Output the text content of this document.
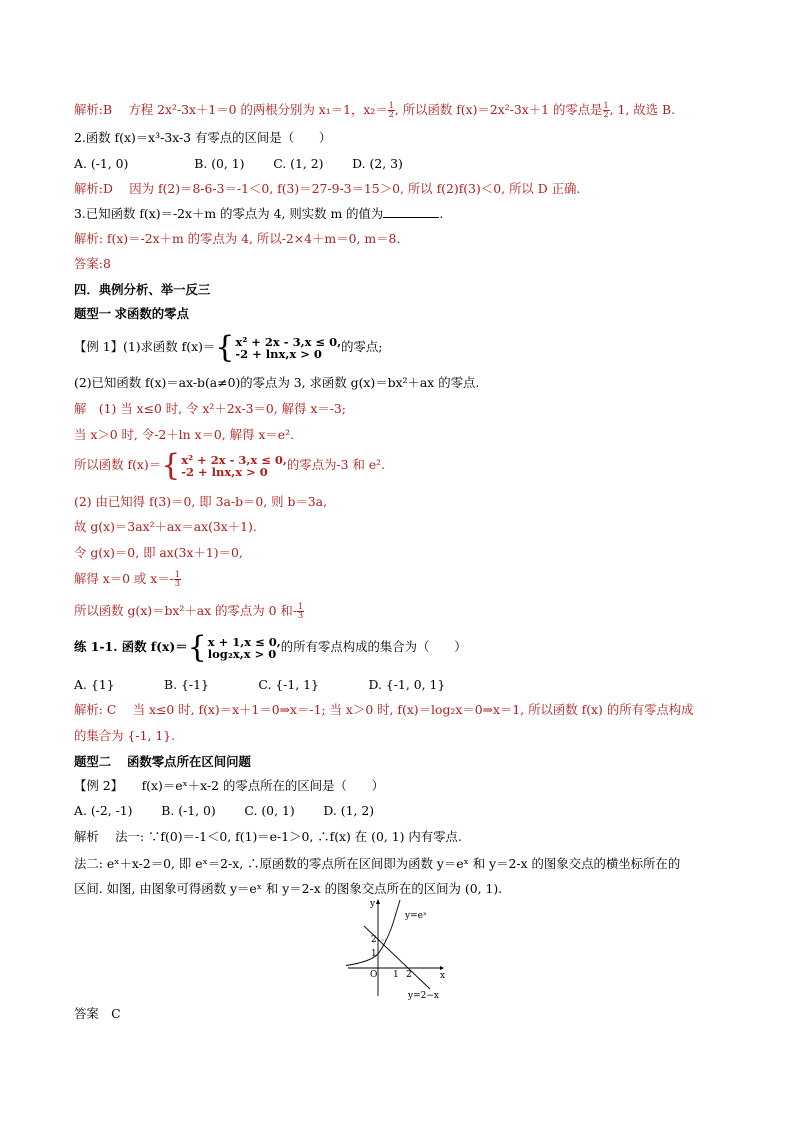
解析:B　 方程 2x²-3x＋1＝0 的两根分别为 x₁＝1，$x_2= \frac{1}{2}$ , 所以函数 f(x)＝2x²-3x＋1 的零点是 $\frac{1}{2}$ , 1, 故选 B.
2.函数 f(x)＝x³-3x-3 有零点的区间是（　　）
A. (-1, 0)　　　　　 B. (0, 1)　　 C. (1, 2)　　 D. (2, 3)
解析:D　 因为 f(2)＝8-6-3＝-1＜0, f(3)＝27-9-3＝15＞0, 所以 f(2)f(3)＜0, 所以 D 正确.
3.已知函数 f(x)＝-2x＋m 的零点为 4, 则实数 m 的值为	.
解析: f(x)＝-2x＋m 的零点为 4, 所以-2×4＋m＝0, m＝8.
答案:8
四．典例分析、举一反三
题型一 求函数的零点
【例 1】(1)求函数 f(x)＝{x² + 2x - 3,x ≤ 0,
-2 + lnx,x > 0 的零点;
(2)已知函数 f(x)＝ax-b(a≠0)的零点为 3, 求函数 g(x)＝bx²＋ax 的零点.
解　(1) 当 x≤0 时, 令 x²＋2x-3＝0, 解得 x＝-3;
当 x＞0 时, 令-2＋ln x＝0, 解得 x＝e².
所以函数 f(x)＝{x² + 2x - 3,x ≤ 0,
-2 + lnx,x > 0 的零点为-3 和 e².
(2) 由已知得 f(3)＝0, 即 3a-b＝0, 则 b＝3a,
故 g(x)＝3ax²＋ax＝ax(3x＋1).
令 g(x)＝0, 即 ax(3x＋1)＝0,
解得 x＝0 或 $x=- \frac{1}{3}$
所以函数 g(x)＝bx²＋ax 的零点为 0 和- $\frac{1}{3}$
练 1-1. 函数 f(x)＝{x + 1,x ≤ 0,
log₂x,x > 0 的所有零点构成的集合为（　　）
A. {1}　　　　B. {-1}　　　　C. {-1, 1}　　　　D. {-1, 0, 1}
解析: C　 当 x≤0 时, f(x)＝x＋1＝0⇒x＝-1; 当 x＞0 时, f(x)＝log₂x＝0⇒x＝1, 所以函数 f(x) 的所有零点构成
的集合为 {-1, 1}.
题型二　 函数零点所在区间问题
【例 2】　　f(x)＝eˣ＋x-2 的零点所在的区间是（　　）
A. (-2, -1)　　 B. (-1, 0)　　 C. (0, 1)　　 D. (1, 2)
解析　 法一: ∵f(0)＝-1＜0, f(1)＝e-1＞0, ∴f(x) 在 (0, 1) 内有零点.
法二: eˣ＋x-2＝0, 即 eˣ＝2-x, ∴原函数的零点所在区间即为函数 y＝eˣ 和 y＝2-x 的图象交点的横坐标所在的
区间. 如图, 由图象可得函数 y＝eˣ 和 y＝2-x 的图象交点所在的区间为 (0, 1).
y
x
O
2
1
1 2
y=eˣ
y=2−x
答案　C
